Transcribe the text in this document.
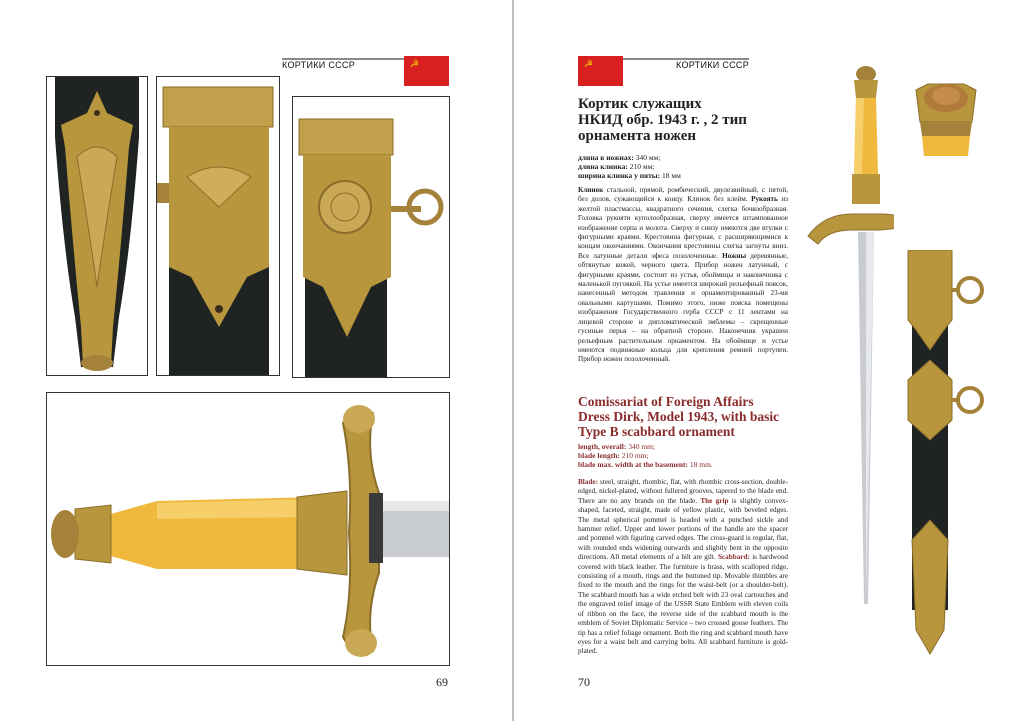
КОРТИКИ СССР	☭
69
☭	КОРТИКИ СССР
Кортик служащих НКИД обр. 1943 г. , 2 тип орнамента ножен
длина в ножнах: 340 мм;
длина клинка: 210 мм;
ширина клинка у пяты: 18 мм
Клинок стальной, прямой, ромбический, двулезвийный, с пятой, без долов, сужающийся к концу. Клинок без клейм. Рукоять из желтой пластмассы, квадратного сечения, слегка бочкообразная. Головка рукояти куполообразная, сверху имеется штампованное изображение серпа и молота. Сверху и снизу имеются две втулки с фигурными краями. Крестовина фигурная, с расширяющимися к концам окончаниями. Окончания крестовины слегка загнуты вниз. Все латунные детали эфеса позолоченные. Ножны деревянные, обтянутые кожей, черного цвета. Прибор ножен латунный, с фигурными краями, состоит из устья, обоймицы и наконечника с маленькой пуговкой. На устье имеется широкий рельефный поясок, нанесенный методом травления и орнаментированный 23-мя овальными картушами. Помимо этого, ниже пояска помещены изображения Государственного герба СССР с 11 лентами на лицевой стороне и дипломатической эмблемы – скрещенные гусиные перья – на обратной стороне. Наконечник украшен рельефным растительным орнаментом. На обоймице и устье имеются подвижные кольца для крепления ремней портупеи. Прибор ножен позолоченный.
Comissariat of Foreign Affairs Dress Dirk, Model 1943, with basic Type B scabbard ornament
length, overall: 340 mm;
blade length: 210 mm;
blade max. width at the basement: 18 mm.
Blade: steel, straight, rhombic, flat, with rhombic cross-section, double-edged, nickel-plated, without fullered grooves, tapered to the blade end. There are no any brands on the blade. The grip is slightly convex-shaped, faceted, straight, made of yellow plastic, with beveled edges. The metal spherical pommel is headed with a punched sickle and hammer relief. Upper and lower portions of the handle are the spacer and pommel with figuring carved edges. The cross-guard is regular, flat, with rounded ends widening outwards and slightly bent in the opposite directions. All metal elements of a hilt are gilt. Scabbard: is hardwood covered with black leather. The furniture is brass, with scalloped ridge, consisting of a mouth, rings and the buttoned tip. Movable thimbles are fixed to the mouth and the rings for the waist-belt (or a shoulder-belt). The scabbard mouth has a wide etched belt with 23 oval cartouches and the engraved relief image of the USSR State Emblem with eleven coils of ribbon on the face, the reverse side of the scabbard mouth is the emblem of Soviet Diplomatic Service – two crossed goose feathers. The tip has a relief foliage ornament. Both the ring and scabbard mouth have eyes for a waist belt and carrying belts. All scabbard furniture is gold-plated.
70
